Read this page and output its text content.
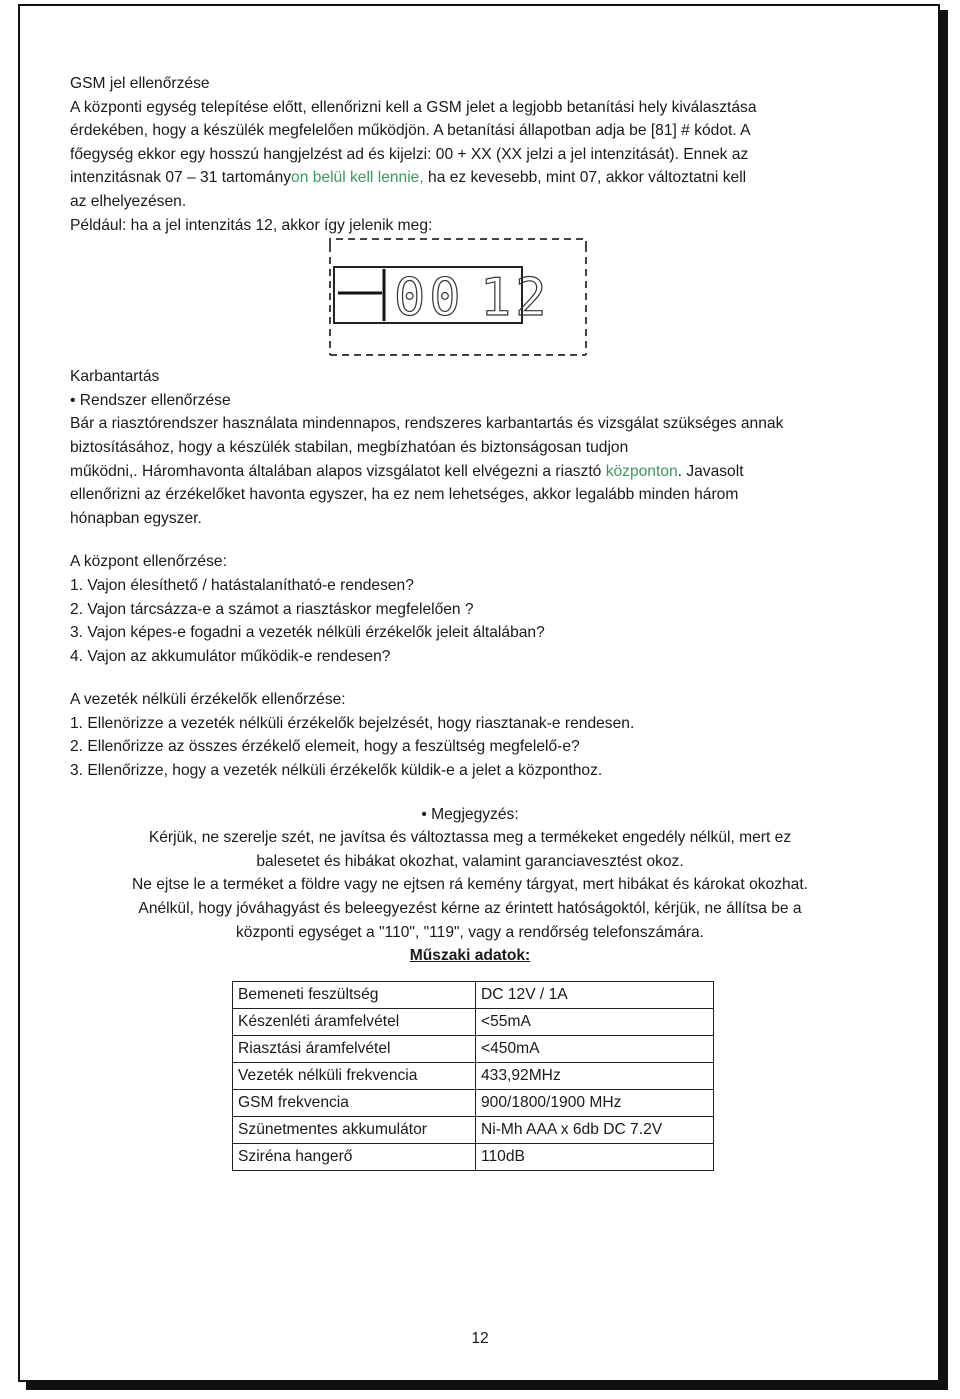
GSM jel ellenőrzése

A központi egység telepítése előtt, ellenőrizni kell a GSM jelet a legjobb betanítási hely kiválasztása

érdekében, hogy a készülék megfelelően működjön. A betanítási állapotban adja be [81] # kódot. A

főegység ekkor egy hosszú hangjelzést ad és kijelzi: 00 + XX (XX jelzi a jel intenzitását). Ennek az

intenzitásnak 07 – 31 tartományon belül kell lennie, ha ez kevesebb, mint 07, akkor változtatni kell

az elhelyezésen.

Például: ha a jel intenzitás 12, akkor így jelenik meg:

00 12

Karbantartás

• Rendszer ellenőrzése

Bár a riasztórendszer használata mindennapos, rendszeres karbantartás és vizsgálat szükséges annak

biztosításához, hogy a készülék stabilan, megbízhatóan és biztonságosan tudjon

működni,. Háromhavonta általában alapos vizsgálatot kell elvégezni a riasztó központon. Javasolt

ellenőrizni az érzékelőket havonta egyszer, ha ez nem lehetséges, akkor legalább minden három

hónapban egyszer.

A központ ellenőrzése:

1. Vajon élesíthető / hatástalanítható-e rendesen?

2. Vajon tárcsázza-e a számot a riasztáskor megfelelően ?

3. Vajon képes-e fogadni a vezeték nélküli érzékelők jeleit általában?

4. Vajon az akkumulátor működik-e rendesen?

A vezeték nélküli érzékelők ellenőrzése:

1. Ellenörizze a vezeték nélküli érzékelők bejelzését, hogy riasztanak-e rendesen.

2. Ellenőrizze az összes érzékelő elemeit, hogy a feszültség megfelelő-e?

3. Ellenőrizze, hogy a vezeték nélküli érzékelők küldik-e a jelet a központhoz.

• Megjegyzés:

Kérjük, ne szerelje szét, ne javítsa és változtassa meg a termékeket engedély nélkül, mert ez

balesetet és hibákat okozhat, valamint garanciavesztést okoz.

Ne ejtse le a terméket a földre vagy ne ejtsen rá kemény tárgyat, mert hibákat és károkat okozhat.

Anélkül, hogy jóváhagyást és beleegyezést kérne az érintett hatóságoktól, kérjük, ne állítsa be a

központi egységet a "110", "119", vagy a rendőrség telefonszámára.

Műszaki adatok:

Bemeneti feszültség	DC 12V / 1A
Készenléti áramfelvétel	<55mA
Riasztási áramfelvétel	<450mA
Vezeték nélküli frekvencia	433,92MHz
GSM frekvencia	900/1800/1900 MHz
Szünetmentes akkumulátor	Ni-Mh AAA x 6db DC 7.2V
Sziréna hangerő	110dB
12
